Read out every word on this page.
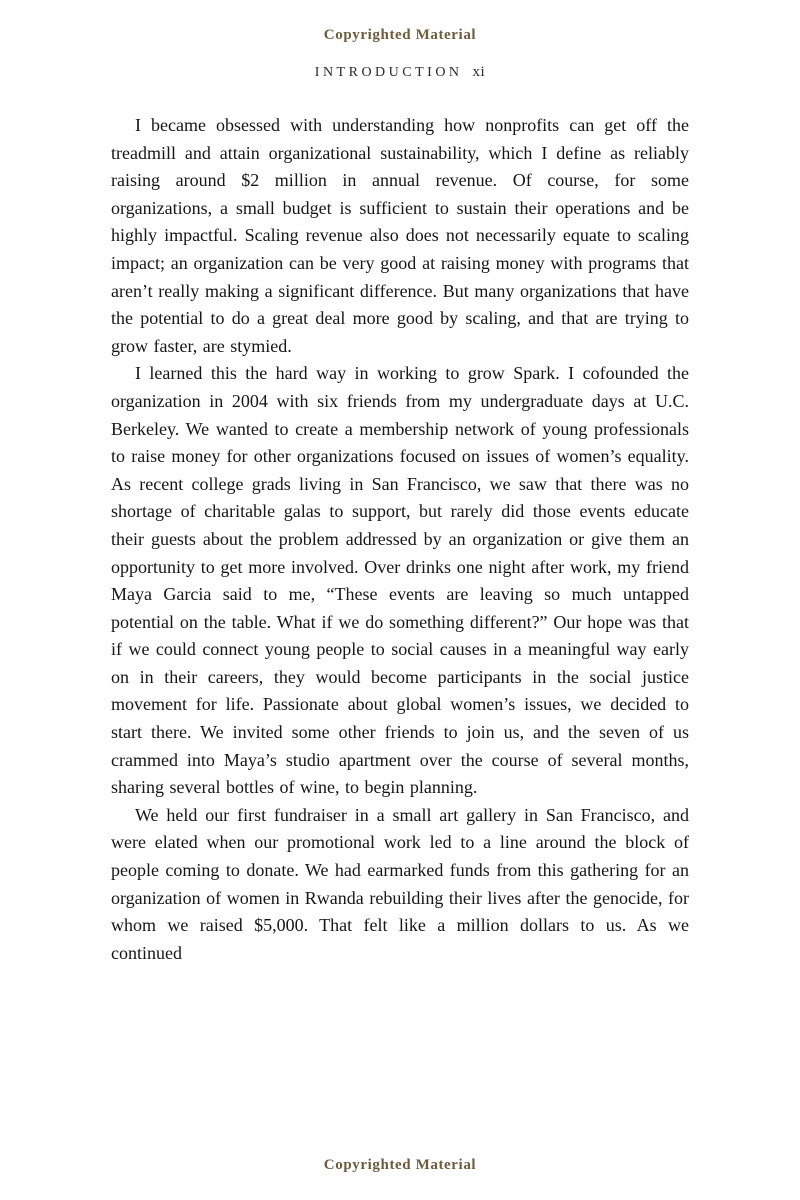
Copyrighted Material
INTRODUCTION xi

I became obsessed with understanding how nonprofits can get off the treadmill and attain organizational sustainability, which I define as reliably raising around $2 million in annual revenue. Of course, for some organizations, a small budget is sufficient to sustain their operations and be highly impactful. Scaling revenue also does not necessarily equate to scaling impact; an organization can be very good at raising money with programs that aren’t really making a significant difference. But many organizations that have the potential to do a great deal more good by scaling, and that are trying to grow faster, are stymied.

I learned this the hard way in working to grow Spark. I cofounded the organization in 2004 with six friends from my undergraduate days at U.C. Berkeley. We wanted to create a membership network of young professionals to raise money for other organizations focused on issues of women’s equality. As recent college grads living in San Francisco, we saw that there was no shortage of charitable galas to support, but rarely did those events educate their guests about the problem addressed by an organization or give them an opportunity to get more involved. Over drinks one night after work, my friend Maya Garcia said to me, “These events are leaving so much untapped potential on the table. What if we do something different?” Our hope was that if we could connect young people to social causes in a meaningful way early on in their careers, they would become participants in the social justice movement for life. Passionate about global women’s issues, we decided to start there. We invited some other friends to join us, and the seven of us crammed into Maya’s studio apartment over the course of several months, sharing several bottles of wine, to begin planning.

We held our first fundraiser in a small art gallery in San Francisco, and were elated when our promotional work led to a line around the block of people coming to donate. We had earmarked funds from this gathering for an organization of women in Rwanda rebuilding their lives after the genocide, for whom we raised $5,000. That felt like a million dollars to us. As we continued

Copyrighted Material
